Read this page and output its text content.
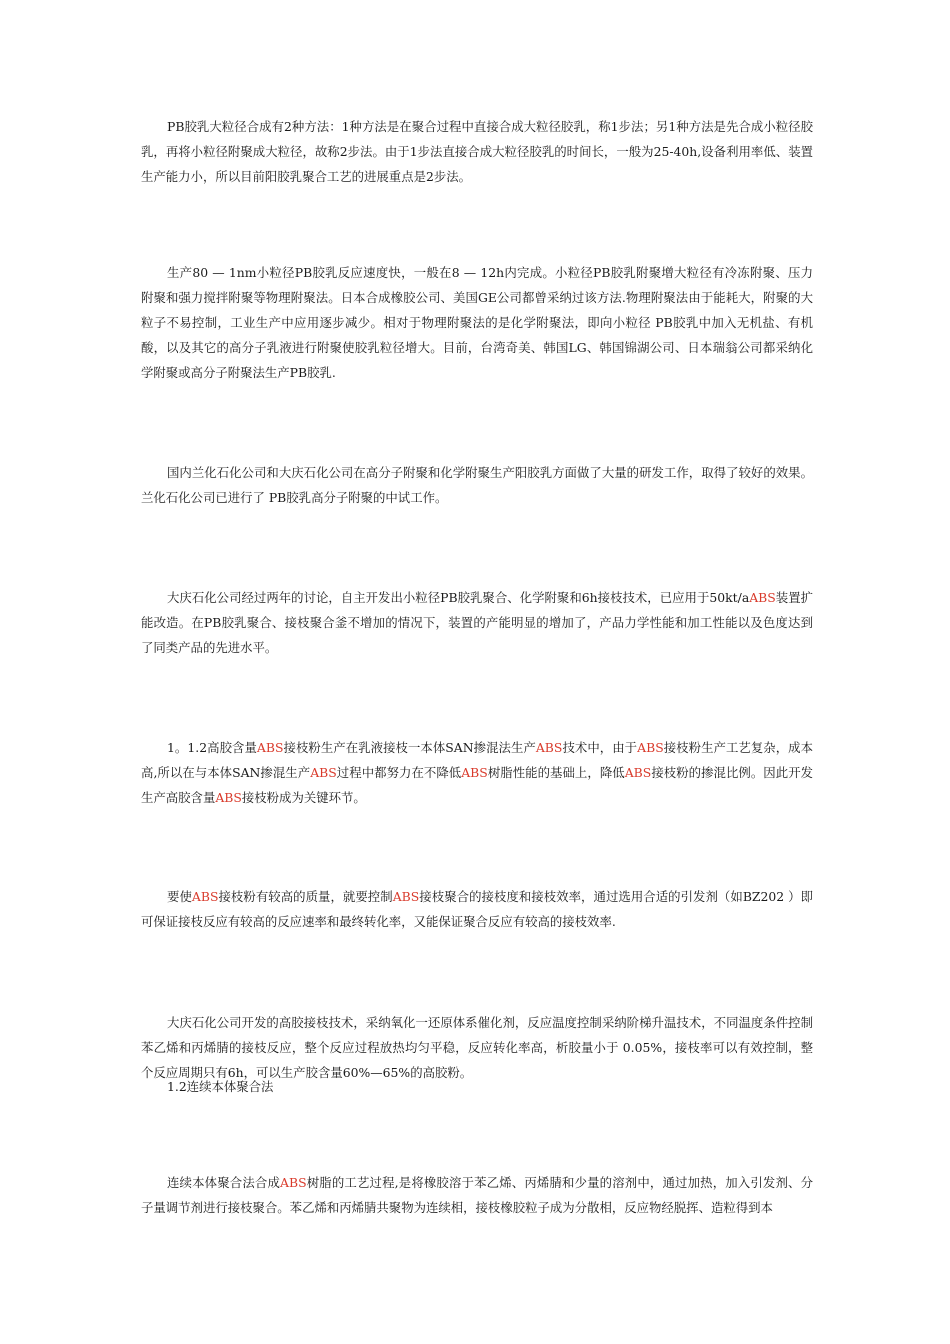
PB胶乳大粒径合成有2种方法：1种方法是在聚合过程中直接合成大粒径胶乳，称1步法；另1种方法是先合成小粒径胶乳，再将小粒径附聚成大粒径，故称2步法。由于1步法直接合成大粒径胶乳的时间长，一般为25-40h,设备利用率低、装置生产能力小，所以目前阳胶乳聚合工艺的进展重点是2步法。

生产80 — 1nm小粒径PB胶乳反应速度快，一般在8 — 12h内完成。小粒径PB胶乳附聚增大粒径有冷冻附聚、压力附聚和强力搅拌附聚等物理附聚法。日本合成橡胶公司、美国GE公司都曾采纳过该方法.物理附聚法由于能耗大，附聚的大粒子不易控制，工业生产中应用逐步减少。相对于物理附聚法的是化学附聚法，即向小粒径 PB胶乳中加入无机盐、有机酸，以及其它的高分子乳液进行附聚使胶乳粒径增大。目前，台湾奇美、韩国LG、韩国锦湖公司、日本瑞翁公司都采纳化学附聚或高分子附聚法生产PB胶乳.

国内兰化石化公司和大庆石化公司在高分子附聚和化学附聚生产阳胶乳方面做了大量的研发工作，取得了较好的效果。兰化石化公司已进行了 PB胶乳高分子附聚的中试工作。

大庆石化公司经过两年的讨论，自主开发出小粒径PB胶乳聚合、化学附聚和6h接枝技术，已应用于50kt/aABS装置扩能改造。在PB胶乳聚合、接枝聚合釜不增加的情况下，装置的产能明显的增加了，产品力学性能和加工性能以及色度达到了同类产品的先进水平。

1。1.2高胶含量ABS接枝粉生产在乳液接枝一本体SAN掺混法生产ABS技术中，由于ABS接枝粉生产工艺复杂，成本高,所以在与本体SAN掺混生产ABS过程中都努力在不降低ABS树脂性能的基础上，降低ABS接枝粉的掺混比例。因此开发生产高胶含量ABS接枝粉成为关键环节。

要使ABS接枝粉有较高的质量，就要控制ABS接枝聚合的接枝度和接枝效率，通过选用合适的引发剂（如BZ202 ）即可保证接枝反应有较高的反应速率和最终转化率，又能保证聚合反应有较高的接枝效率.

大庆石化公司开发的高胶接枝技术，采纳氧化一还原体系催化剂，反应温度控制采纳阶梯升温技术，不同温度条件控制苯乙烯和丙烯腈的接枝反应，整个反应过程放热均匀平稳，反应转化率高，析胶量小于 0.05%，接枝率可以有效控制，整个反应周期只有6h，可以生产胶含量60%—65%的高胶粉。

1.2连续本体聚合法

连续本体聚合法合成ABS树脂的工艺过程,是将橡胶溶于苯乙烯、丙烯腈和少量的溶剂中，通过加热，加入引发剂、分子量调节剂进行接枝聚合。苯乙烯和丙烯腈共聚物为连续相，接枝橡胶粒子成为分散相，反应物经脱挥、造粒得到本
